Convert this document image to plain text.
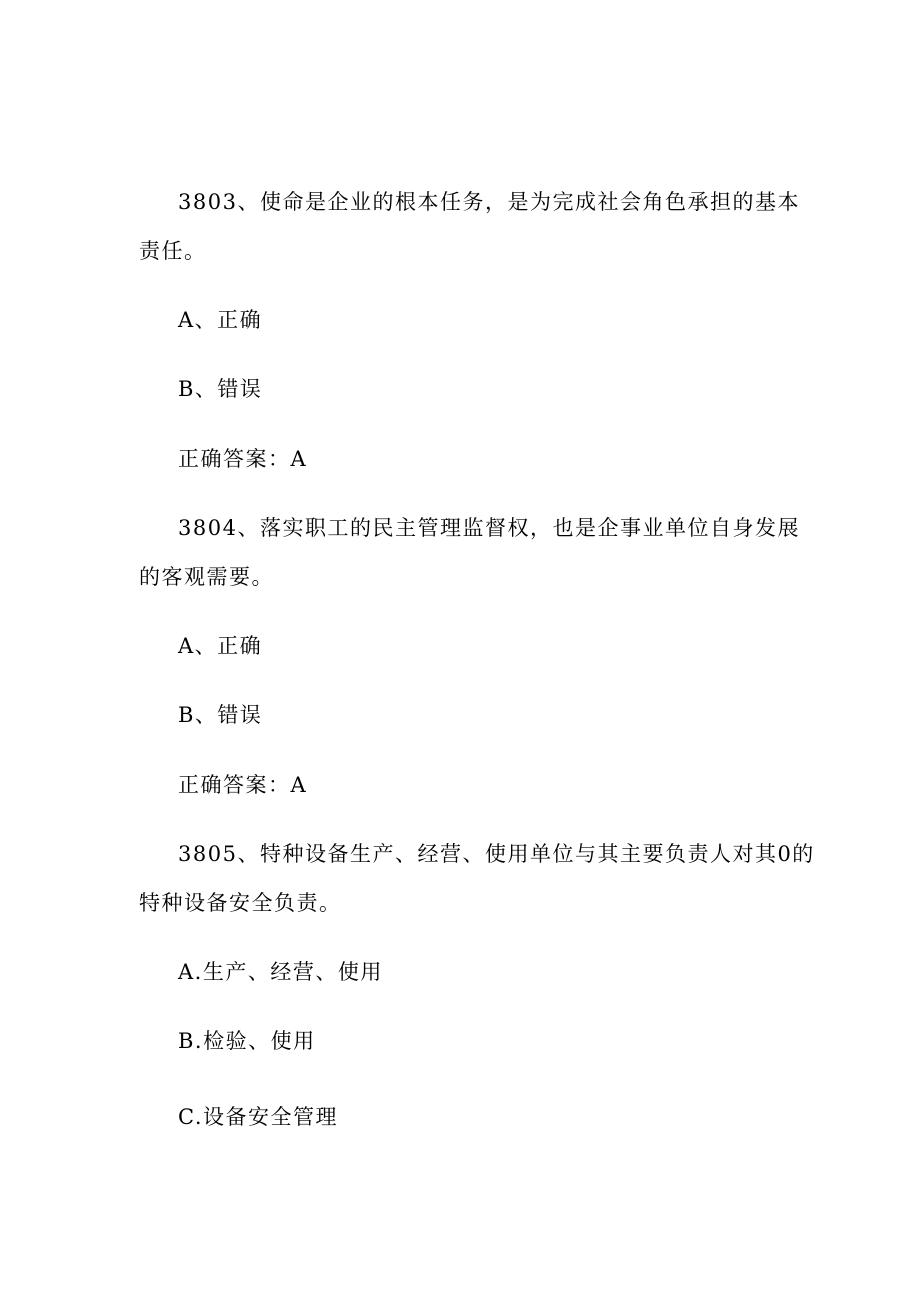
3803、使命是企业的根本任务，是为完成社会角色承担的基本
责任。
A、正确
B、错误
正确答案：A
3804、落实职工的民主管理监督权，也是企事业单位自身发展
的客观需要。
A、正确
B、错误
正确答案：A
3805、特种设备生产、经营、使用单位与其主要负责人对其0的
特种设备安全负责。
A.生产、经营、使用
B.检验、使用
C.设备安全管理
